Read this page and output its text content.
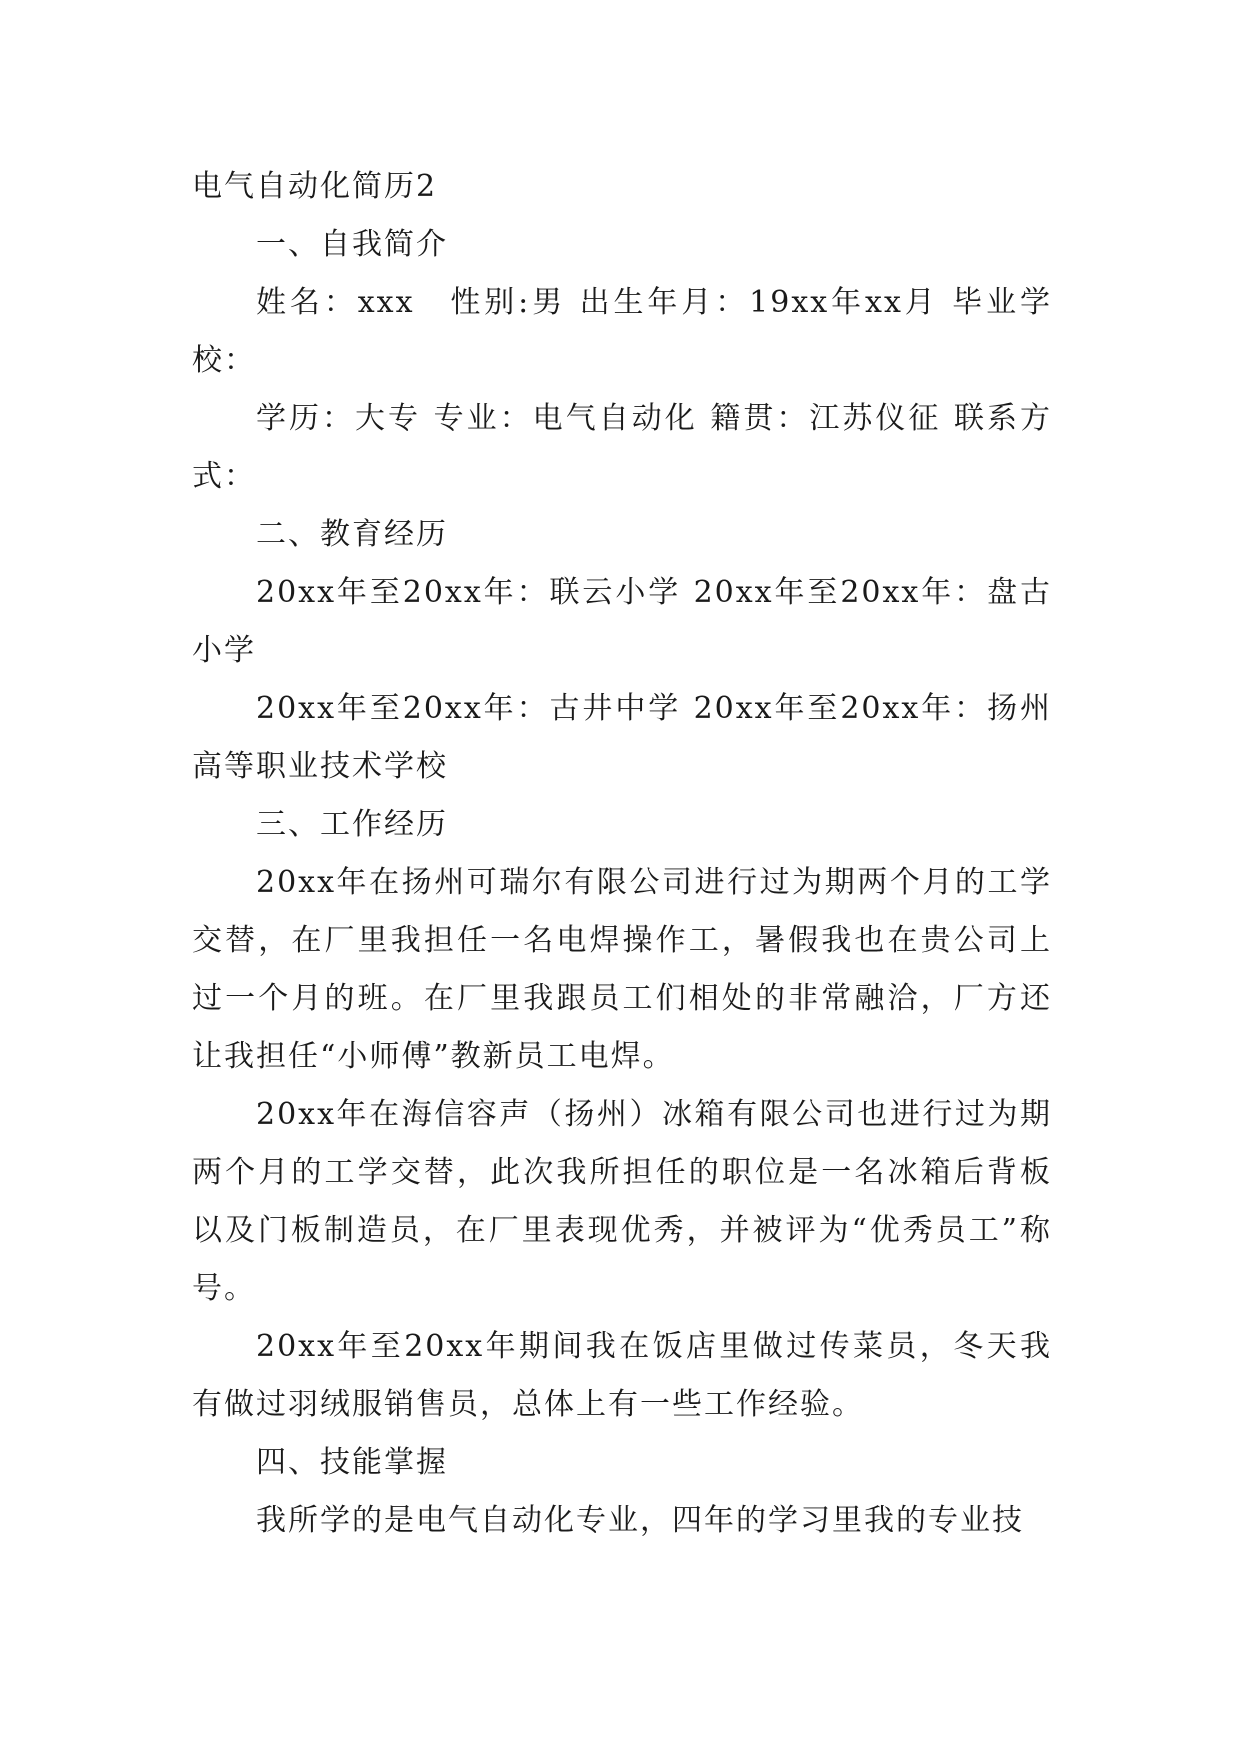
电气自动化简历2

一、自我简介

姓名：xxx　性别:男 出生年月：19xx年xx月 毕业学校：

学历：大专 专业：电气自动化 籍贯：江苏仪征 联系方式：

二、教育经历

20xx年至20xx年：联云小学 20xx年至20xx年：盘古小学

20xx年至20xx年：古井中学 20xx年至20xx年：扬州高等职业技术学校

三、工作经历

20xx年在扬州可瑞尔有限公司进行过为期两个月的工学交替，在厂里我担任一名电焊操作工，暑假我也在贵公司上过一个月的班。在厂里我跟员工们相处的非常融洽，厂方还让我担任“小师傅”教新员工电焊。

20xx年在海信容声（扬州）冰箱有限公司也进行过为期两个月的工学交替，此次我所担任的职位是一名冰箱后背板以及门板制造员，在厂里表现优秀，并被评为“优秀员工”称号。

20xx年至20xx年期间我在饭店里做过传菜员，冬天我有做过羽绒服销售员，总体上有一些工作经验。

四、技能掌握

我所学的是电气自动化专业，四年的学习里我的专业技
